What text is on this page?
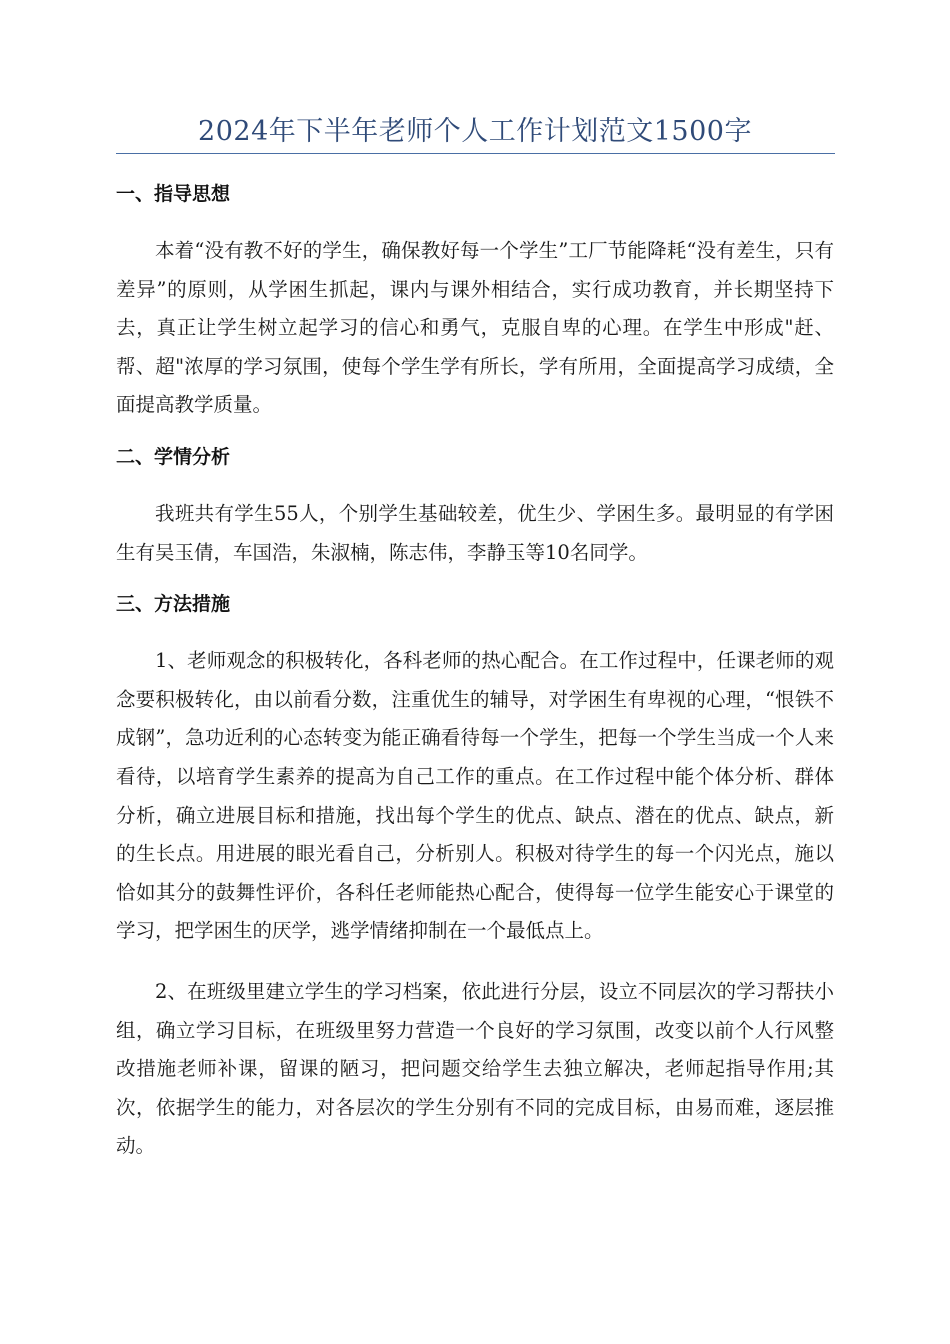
2024年下半年老师个人工作计划范文1500字
一、指导思想

本着“没有教不好的学生，确保教好每一个学生”工厂节能降耗“没有差生，只有差异”的原则，从学困生抓起，课内与课外相结合，实行成功教育，并长期坚持下去，真正让学生树立起学习的信心和勇气，克服自卑的心理。在学生中形成"赶、帮、超"浓厚的学习氛围，使每个学生学有所长，学有所用，全面提高学习成绩，全面提高教学质量。

二、学情分析

我班共有学生55人，个别学生基础较差，优生少、学困生多。最明显的有学困生有吴玉倩，车国浩，朱淑楠，陈志伟，李静玉等10名同学。

三、方法措施

1、老师观念的积极转化，各科老师的热心配合。在工作过程中，任课老师的观念要积极转化，由以前看分数，注重优生的辅导，对学困生有卑视的心理，“恨铁不成钢”，急功近利的心态转变为能正确看待每一个学生，把每一个学生当成一个人来看待，以培育学生素养的提高为自己工作的重点。在工作过程中能个体分析、群体分析，确立进展目标和措施，找出每个学生的优点、缺点、潜在的优点、缺点，新的生长点。用进展的眼光看自己，分析别人。积极对待学生的每一个闪光点，施以恰如其分的鼓舞性评价，各科任老师能热心配合，使得每一位学生能安心于课堂的学习，把学困生的厌学，逃学情绪抑制在一个最低点上。

2、在班级里建立学生的学习档案，依此进行分层，设立不同层次的学习帮扶小组，确立学习目标，在班级里努力营造一个良好的学习氛围，改变以前个人行风整改措施老师补课，留课的陋习，把问题交给学生去独立解决，老师起指导作用;其次，依据学生的能力，对各层次的学生分别有不同的完成目标，由易而难，逐层推动。
